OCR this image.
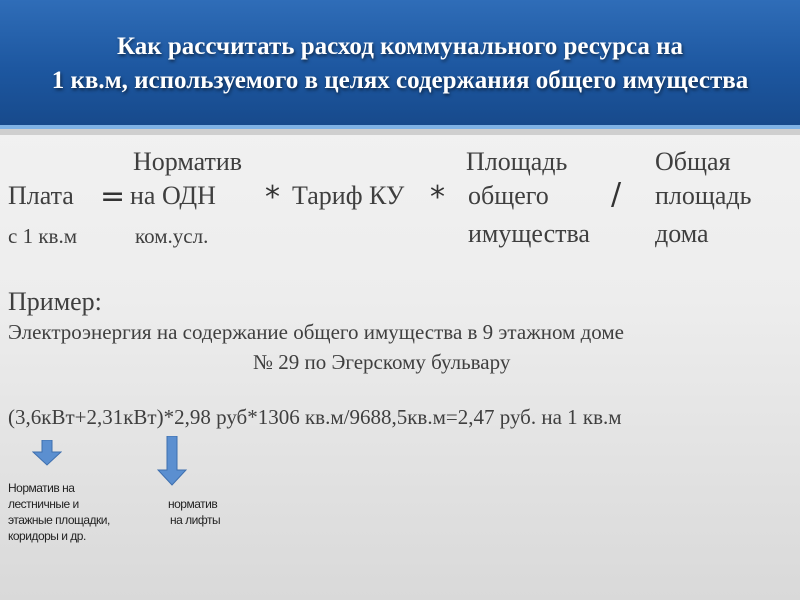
Как рассчитать расход коммунального ресурса на
1 кв.м, используемого в целях содержания общего имущества
Плата
с 1 кв.м
=
Норматив
на ОДН
ком.усл.
* Тариф КУ *
Площадь
общего
имущества
/
Общая
площадь
дома
Пример:
Электроэнергия на содержание общего имущества в 9 этажном доме
№ 29 по Эгерскому бульвару
(3,6кВт+2,31кВт)*2,98 руб*1306 кв.м/9688,5кв.м=2,47 руб. на 1 кв.м
Норматив на
лестничные и
этажные площадки,
коридоры и др.
норматив
на лифты
